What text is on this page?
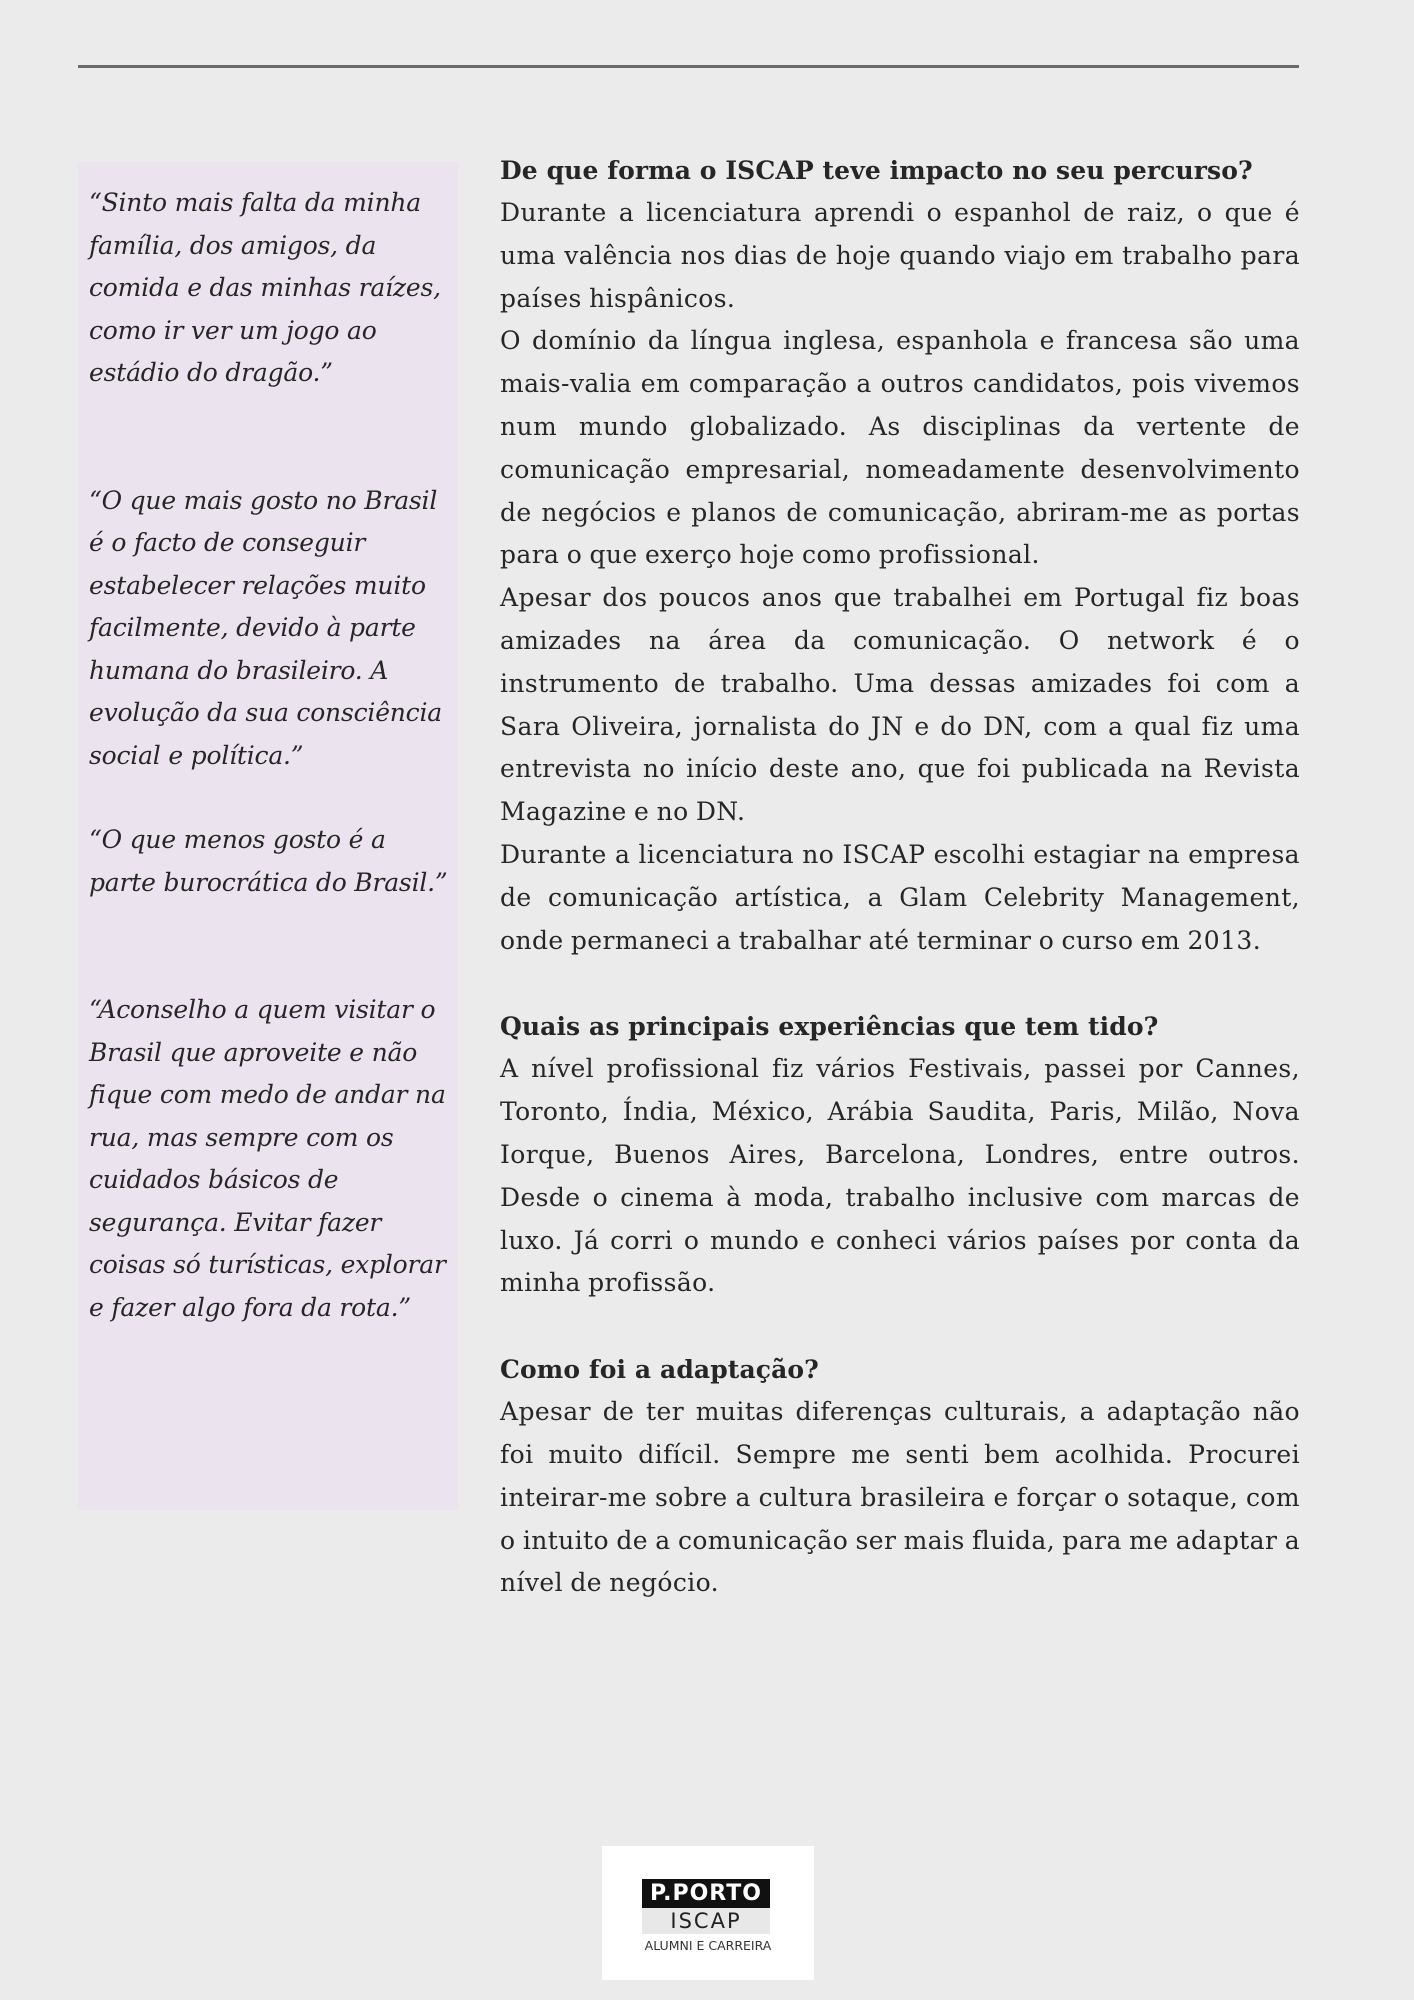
“Sinto mais falta da minha família, dos amigos, da comida e das minhas raízes, como ir ver um jogo ao estádio do dragão.”

“O que mais gosto no Brasil é o facto de conseguir estabelecer relações muito facilmente, devido à parte humana do brasileiro. A evolução da sua consciência social e política.”

“O que menos gosto é a parte burocrática do Brasil.”

“Aconselho a quem visitar o Brasil que aproveite e não fique com medo de andar na rua, mas sempre com os cuidados básicos de segurança. Evitar fazer coisas só turísticas, explorar e fazer algo fora da rota.”

De que forma o ISCAP teve impacto no seu percurso?

Durante a licenciatura aprendi o espanhol de raiz, o que é uma valência nos dias de hoje quando viajo em trabalho para países hispânicos.

O domínio da língua inglesa, espanhola e francesa são uma mais-valia em comparação a outros candidatos, pois vivemos num mundo globalizado. As disciplinas da vertente de comunicação empresarial, nomeadamente desenvolvimento de negócios e planos de comunicação, abriram-me as portas para o que exerço hoje como profissional.

Apesar dos poucos anos que trabalhei em Portugal fiz boas amizades na área da comunicação. O network é o instrumento de trabalho. Uma dessas amizades foi com a Sara Oliveira, jornalista do JN e do DN, com a qual fiz uma entrevista no início deste ano, que foi publicada na Revista Magazine e no DN.

Durante a licenciatura no ISCAP escolhi estagiar na empresa de comunicação artística, a Glam Celebrity Management, onde permaneci a trabalhar até terminar o curso em 2013.

Quais as principais experiências que tem tido?

A nível profissional fiz vários Festivais, passei por Cannes, Toronto, Índia, México, Arábia Saudita, Paris, Milão, Nova Iorque, Buenos Aires, Barcelona, Londres, entre outros. Desde o cinema à moda, trabalho inclusive com marcas de luxo. Já corri o mundo e conheci vários países por conta da minha profissão.

Como foi a adaptação?

Apesar de ter muitas diferenças culturais, a adaptação não foi muito difícil. Sempre me senti bem acolhida. Procurei inteirar-me sobre a cultura brasileira e forçar o sotaque, com o intuito de a comunicação ser mais fluida, para me adaptar a nível de negócio.

P.PORTO
ISCAP
ALUMNI E CARREIRA
